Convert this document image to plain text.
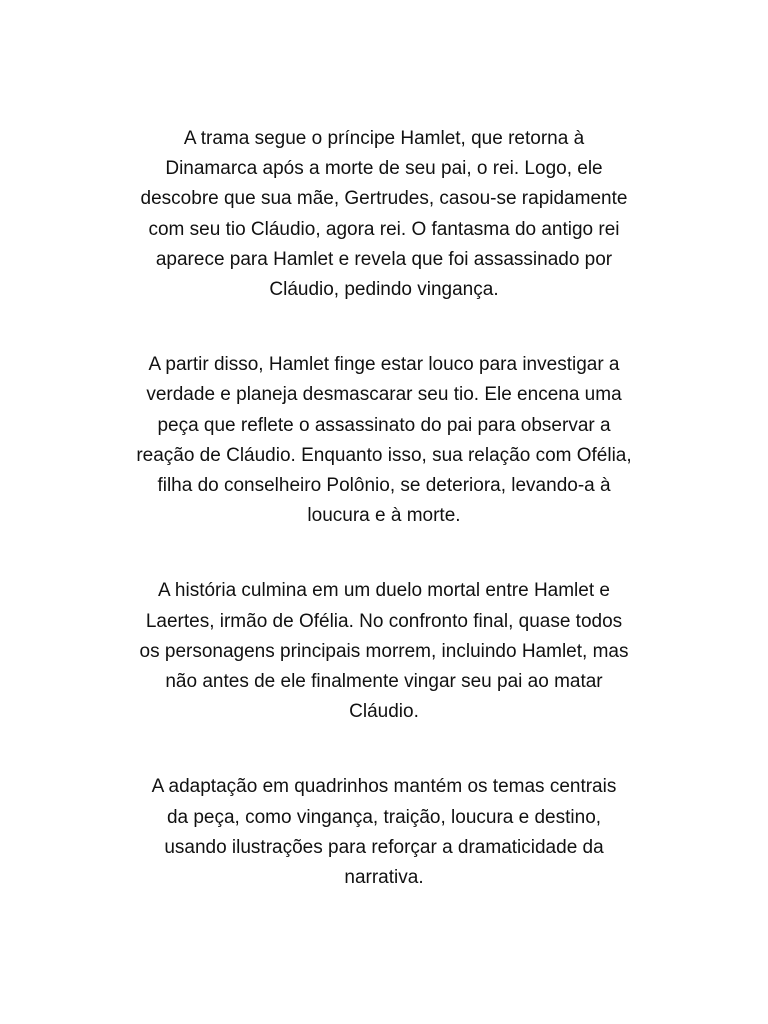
A trama segue o príncipe Hamlet, que retorna à
Dinamarca após a morte de seu pai, o rei. Logo, ele
descobre que sua mãe, Gertrudes, casou-se rapidamente
com seu tio Cláudio, agora rei. O fantasma do antigo rei
aparece para Hamlet e revela que foi assassinado por
Cláudio, pedindo vingança.

A partir disso, Hamlet finge estar louco para investigar a
verdade e planeja desmascarar seu tio. Ele encena uma
peça que reflete o assassinato do pai para observar a
reação de Cláudio. Enquanto isso, sua relação com Ofélia,
filha do conselheiro Polônio, se deteriora, levando-a à
loucura e à morte.

A história culmina em um duelo mortal entre Hamlet e
Laertes, irmão de Ofélia. No confronto final, quase todos
os personagens principais morrem, incluindo Hamlet, mas
não antes de ele finalmente vingar seu pai ao matar
Cláudio.

A adaptação em quadrinhos mantém os temas centrais
da peça, como vingança, traição, loucura e destino,
usando ilustrações para reforçar a dramaticidade da
narrativa.
